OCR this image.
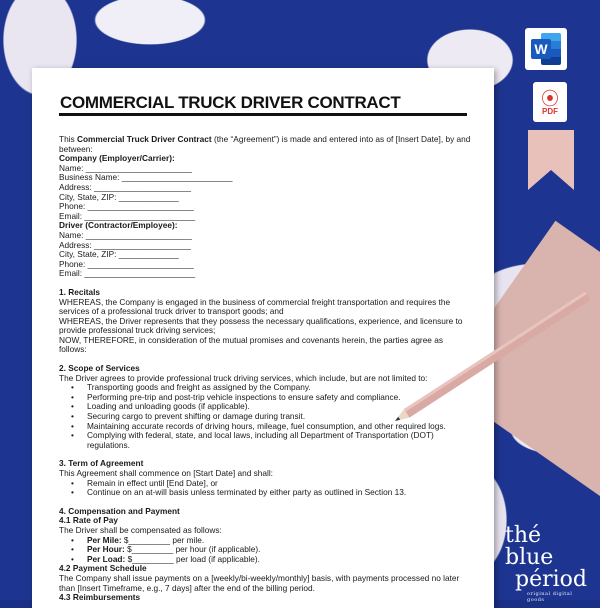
COMMERCIAL TRUCK DRIVER CONTRACT

This Commercial Truck Driver Contract (the “Agreement”) is made and entered into as of [Insert Date], by and between:

Company (Employer/Carrier):

Name: _______________________

Business Name: ________________________

Address: _____________________

City, State, ZIP: _____________

Phone: _______________________

Email: ________________________

Driver (Contractor/Employee):

Name: _______________________

Address: _____________________

City, State, ZIP: _____________

Phone: _______________________

Email: ________________________

1. Recitals

WHEREAS, the Company is engaged in the business of commercial freight transportation and requires the services of a professional truck driver to transport goods; and

WHEREAS, the Driver represents that they possess the necessary qualifications, experience, and licensure to provide professional truck driving services;

NOW, THEREFORE, in consideration of the mutual promises and covenants herein, the parties agree as follows:

2. Scope of Services

The Driver agrees to provide professional truck driving services, which include, but are not limited to:

• Transporting goods and freight as assigned by the Company.

• Performing pre-trip and post-trip vehicle inspections to ensure safety and compliance.

• Loading and unloading goods (if applicable).

• Securing cargo to prevent shifting or damage during transit.

• Maintaining accurate records of driving hours, mileage, fuel consumption, and other required logs.

• Complying with federal, state, and local laws, including all Department of Transportation (DOT) regulations.

3. Term of Agreement

This Agreement shall commence on [Start Date] and shall:

• Remain in effect until [End Date], or

• Continue on an at-will basis unless terminated by either party as outlined in Section 13.

4. Compensation and Payment

4.1 Rate of Pay

The Driver shall be compensated as follows:

• Per Mile: $_________ per mile.

• Per Hour: $_________ per hour (if applicable).

• Per Load: $_________ per load (if applicable).

4.2 Payment Schedule

The Company shall issue payments on a [weekly/bi-weekly/monthly] basis, with payments processed no later than [Insert Timeframe, e.g., 7 days] after the end of the billing period.

4.3 Reimbursements

W
⦿
PDF
thé blue
périod
original digital goods
